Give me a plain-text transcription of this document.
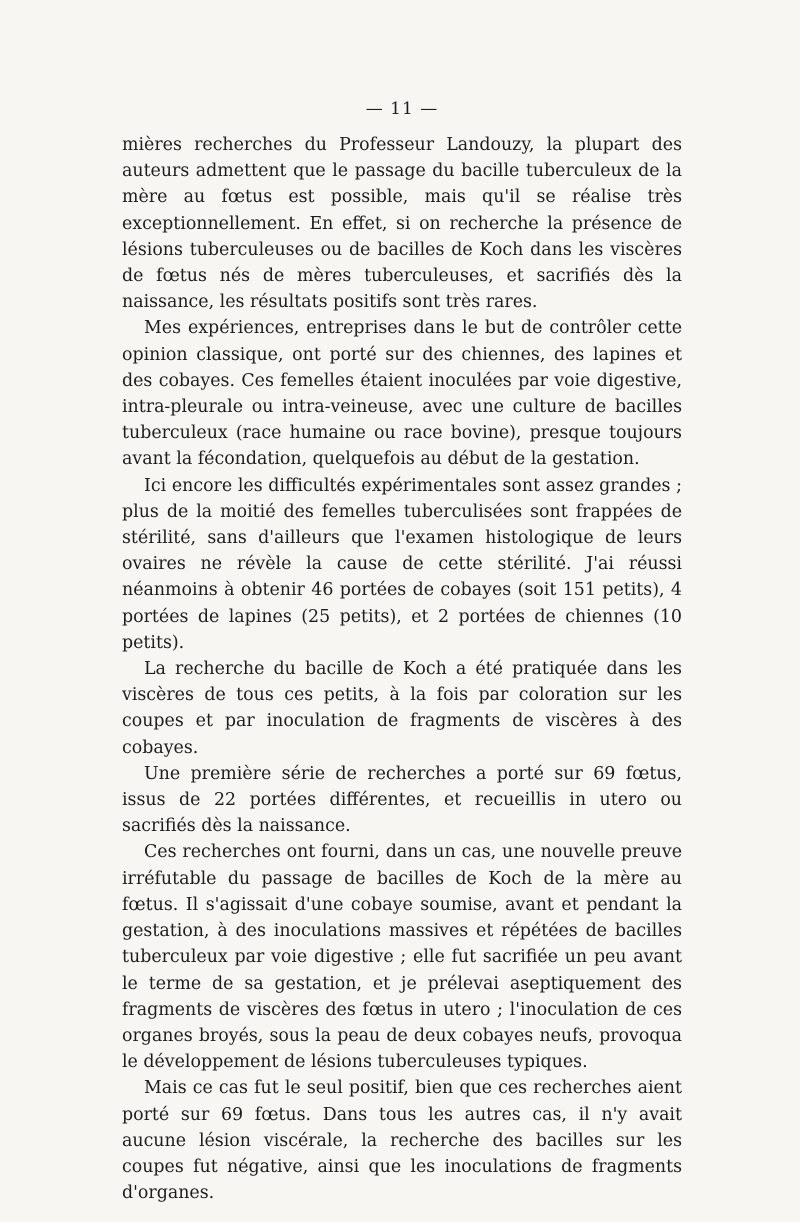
— 11 —

mières recherches du Professeur Landouzy, la plupart des auteurs admettent que le passage du bacille tuberculeux de la mère au fœtus est possible, mais qu'il se réalise très exceptionnellement. En effet, si on recherche la présence de lésions tuberculeuses ou de bacilles de Koch dans les viscères de fœtus nés de mères tuberculeuses, et sacrifiés dès la naissance, les résultats positifs sont très rares.

Mes expériences, entreprises dans le but de contrôler cette opinion classique, ont porté sur des chiennes, des lapines et des cobayes. Ces femelles étaient inoculées par voie digestive, intra-pleurale ou intra-veineuse, avec une culture de bacilles tuberculeux (race humaine ou race bovine), presque toujours avant la fécondation, quelquefois au début de la gestation.

Ici encore les difficultés expérimentales sont assez grandes ; plus de la moitié des femelles tuberculisées sont frappées de stérilité, sans d'ailleurs que l'examen histologique de leurs ovaires ne révèle la cause de cette stérilité. J'ai réussi néanmoins à obtenir 46 portées de cobayes (soit 151 petits), 4 portées de lapines (25 petits), et 2 portées de chiennes (10 petits).

La recherche du bacille de Koch a été pratiquée dans les viscères de tous ces petits, à la fois par coloration sur les coupes et par inoculation de fragments de viscères à des cobayes.

Une première série de recherches a porté sur 69 fœtus, issus de 22 portées différentes, et recueillis in utero ou sacrifiés dès la naissance.

Ces recherches ont fourni, dans un cas, une nouvelle preuve irréfutable du passage de bacilles de Koch de la mère au fœtus. Il s'agissait d'une cobaye soumise, avant et pendant la gestation, à des inoculations massives et répétées de bacilles tuberculeux par voie digestive ; elle fut sacrifiée un peu avant le terme de sa gestation, et je prélevai aseptiquement des fragments de viscères des fœtus in utero ; l'inoculation de ces organes broyés, sous la peau de deux cobayes neufs, provoqua le développement de lésions tuberculeuses typiques.

Mais ce cas fut le seul positif, bien que ces recherches aient porté sur 69 fœtus. Dans tous les autres cas, il n'y avait aucune lésion viscérale, la recherche des bacilles sur les coupes fut négative, ainsi que les inoculations de fragments d'organes.
